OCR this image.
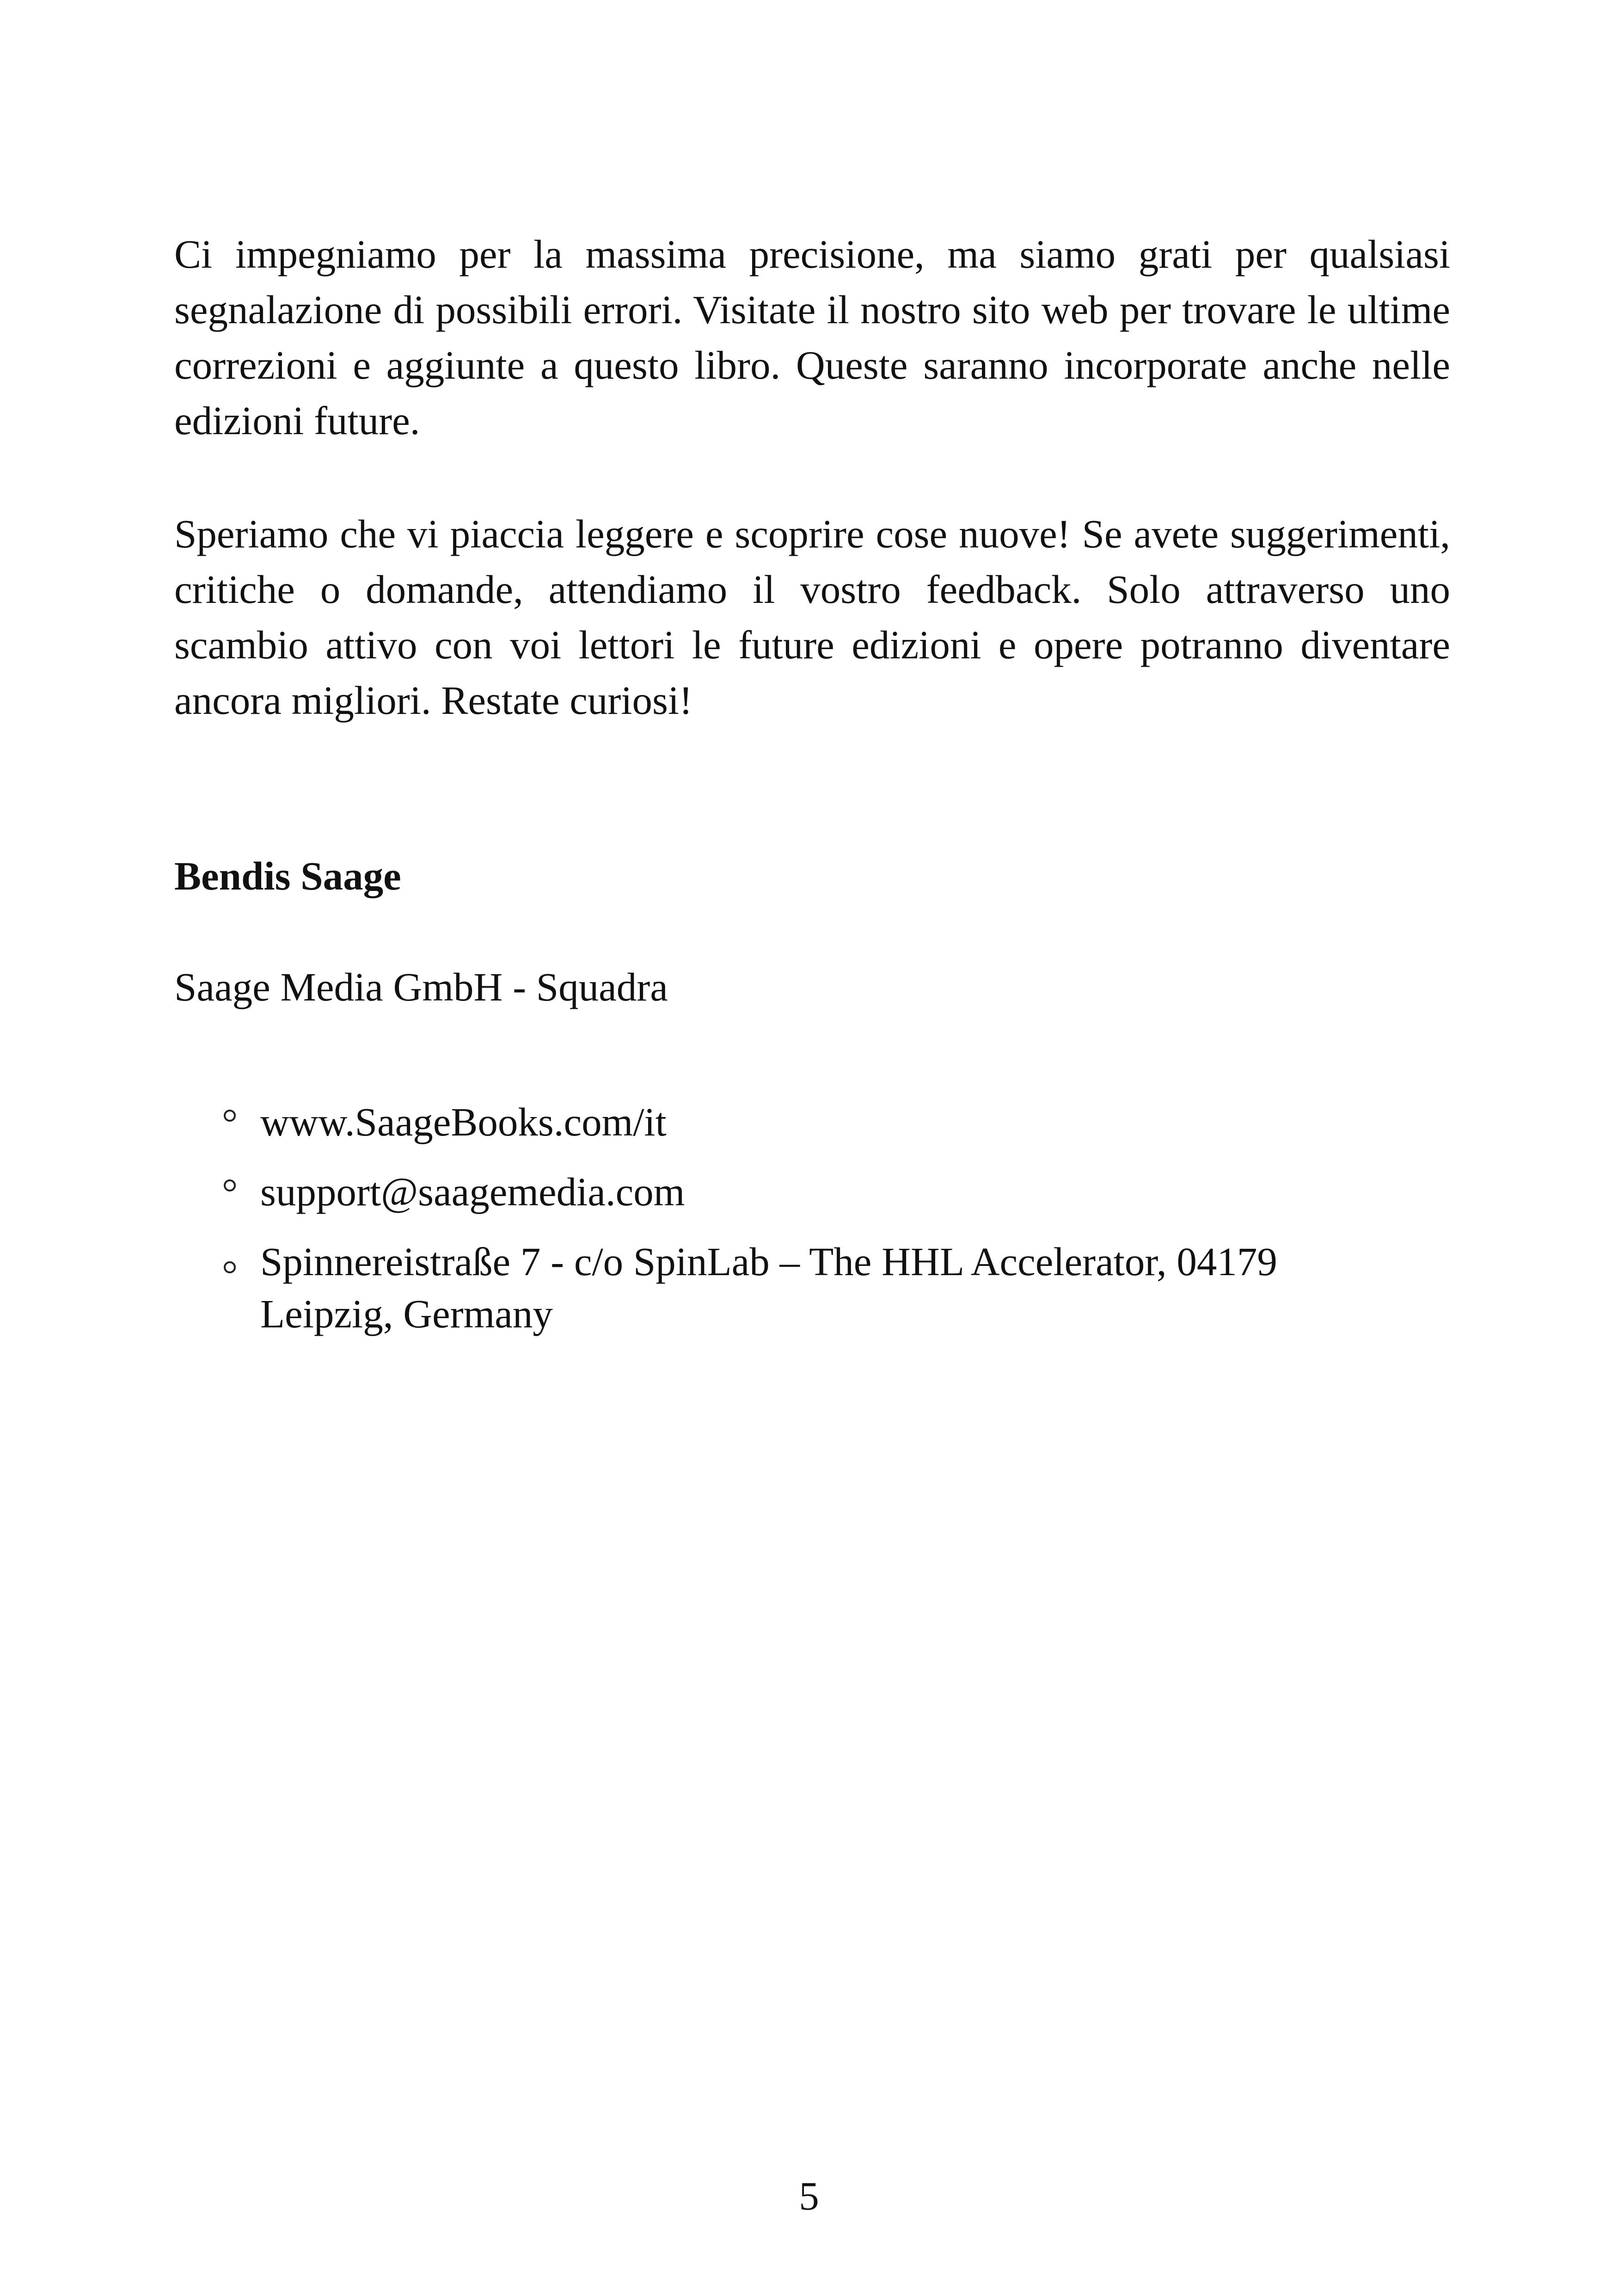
Ci impegniamo per la massima precisione, ma siamo grati per qualsiasi segnalazione di possibili errori. Visitate il nostro sito web per trovare le ultime correzioni e aggiunte a questo libro. Queste saranno incorporate anche nelle edizioni future.

Speriamo che vi piaccia leggere e scoprire cose nuove! Se avete suggerimenti, critiche o domande, attendiamo il vostro feedback. Solo attraverso uno scambio attivo con voi lettori le future edizioni e opere potranno diventare ancora migliori. Restate curiosi!

Bendis Saage

Saage Media GmbH - Squadra

www.SaageBooks.com/it
support@saagemedia.com
Spinnereistraße 7 - c/o SpinLab – The HHL Accelerator, 04179 Leipzig, Germany

5
